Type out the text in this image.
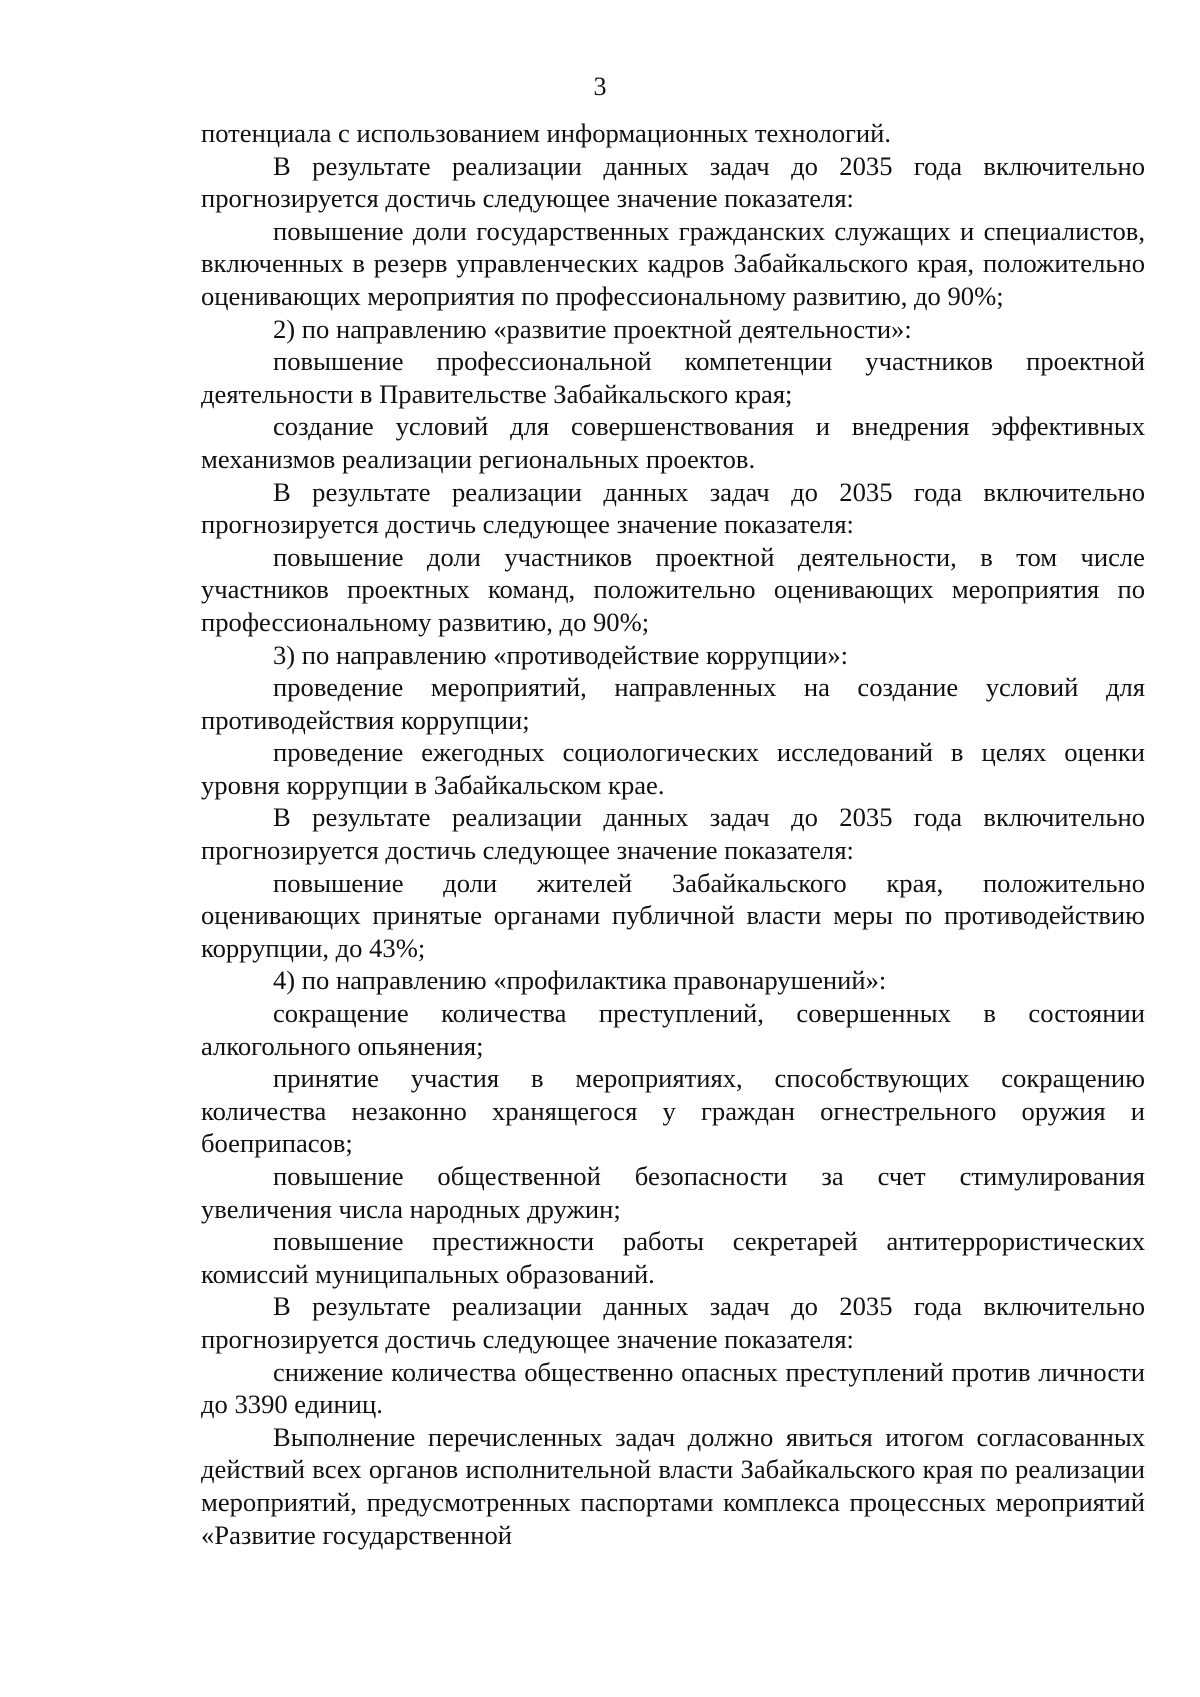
3

потенциала с использованием информационных технологий.

В результате реализации данных задач до 2035 года включительно прогнозируется достичь следующее значение показателя:

повышение доли государственных гражданских служащих и специалистов, включенных в резерв управленческих кадров Забайкальского края, положительно оценивающих мероприятия по профессиональному развитию, до 90%;

2) по направлению «развитие проектной деятельности»:

повышение профессиональной компетенции участников проектной деятельности в Правительстве Забайкальского края;

создание условий для совершенствования и внедрения эффективных механизмов реализации региональных проектов.

В результате реализации данных задач до 2035 года включительно прогнозируется достичь следующее значение показателя:

повышение доли участников проектной деятельности, в том числе участников проектных команд, положительно оценивающих мероприятия по профессиональному развитию, до 90%;

3) по направлению «противодействие коррупции»:

проведение мероприятий, направленных на создание условий для противодействия коррупции;

проведение ежегодных социологических исследований в целях оценки уровня коррупции в Забайкальском крае.

В результате реализации данных задач до 2035 года включительно прогнозируется достичь следующее значение показателя:

повышение доли жителей Забайкальского края, положительно оценивающих принятые органами публичной власти меры по противодействию коррупции, до 43%;

4) по направлению «профилактика правонарушений»:

сокращение количества преступлений, совершенных в состоянии алкогольного опьянения;

принятие участия в мероприятиях, способствующих сокращению количества незаконно хранящегося у граждан огнестрельного оружия и боеприпасов;

повышение общественной безопасности за счет стимулирования увеличения числа народных дружин;

повышение престижности работы секретарей антитеррористических комиссий муниципальных образований.

В результате реализации данных задач до 2035 года включительно прогнозируется достичь следующее значение показателя:

снижение количества общественно опасных преступлений против личности до 3390 единиц.

Выполнение перечисленных задач должно явиться итогом согласованных действий всех органов исполнительной власти Забайкальского края по реализации мероприятий, предусмотренных паспортами комплекса процессных мероприятий «Развитие государственной
